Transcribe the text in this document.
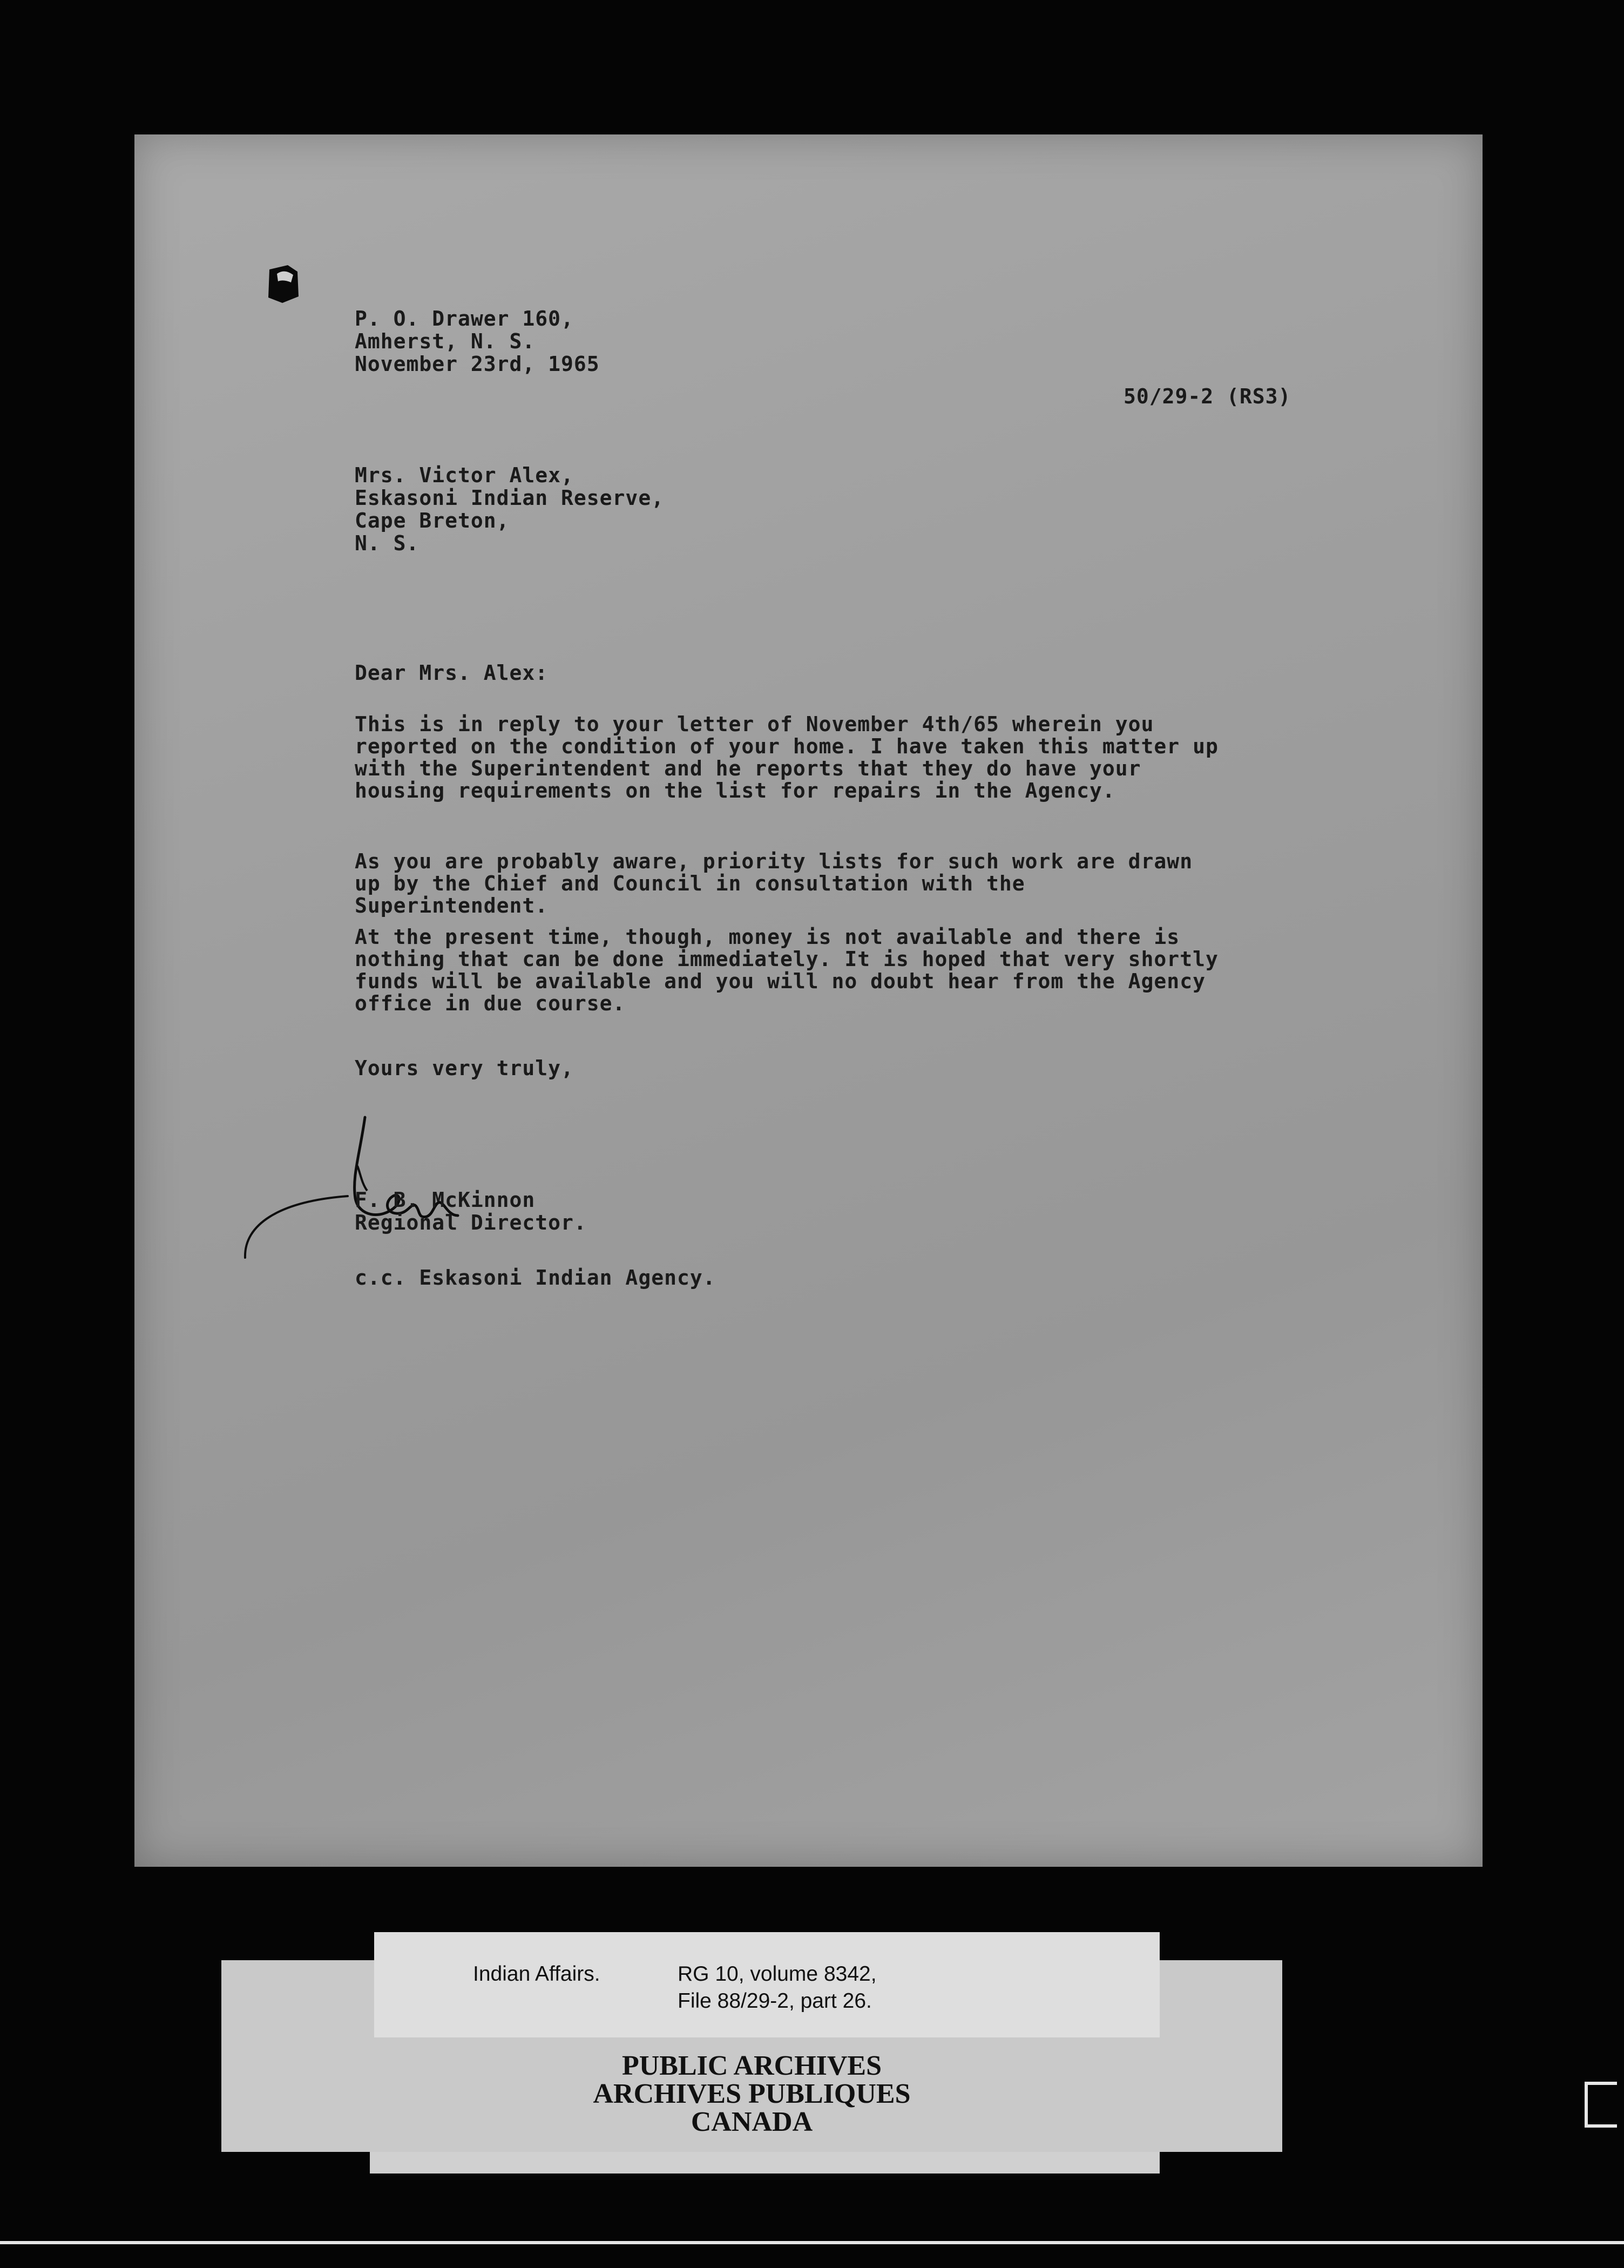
P. O. Drawer 160,

Amherst, N. S.

November 23rd, 1965

50/29-2 (RS3)

Mrs. Victor Alex,

Eskasoni Indian Reserve,

Cape Breton,

N. S.

Dear Mrs. Alex:

This is in reply to your letter of November 4th/65 wherein you reported on the condition of your home. I have taken this matter up with the Superintendent and he reports that they do have your housing requirements on the list for repairs in the Agency.

As you are probably aware, priority lists for such work are drawn up by the Chief and Council in consultation with the Superintendent.

At the present time, though, money is not available and there is nothing that can be done immediately. It is hoped that very shortly funds will be available and you will no doubt hear from the Agency office in due course.

Yours very truly,

F. B. McKinnon

Regional Director.

c.c. Eskasoni Indian Agency.

PUBLIC ARCHIVES

ARCHIVES PUBLIQUES

CANADA

Indian Affairs.	RG 10, volume 8342,

File 88/29-2, part 26.
